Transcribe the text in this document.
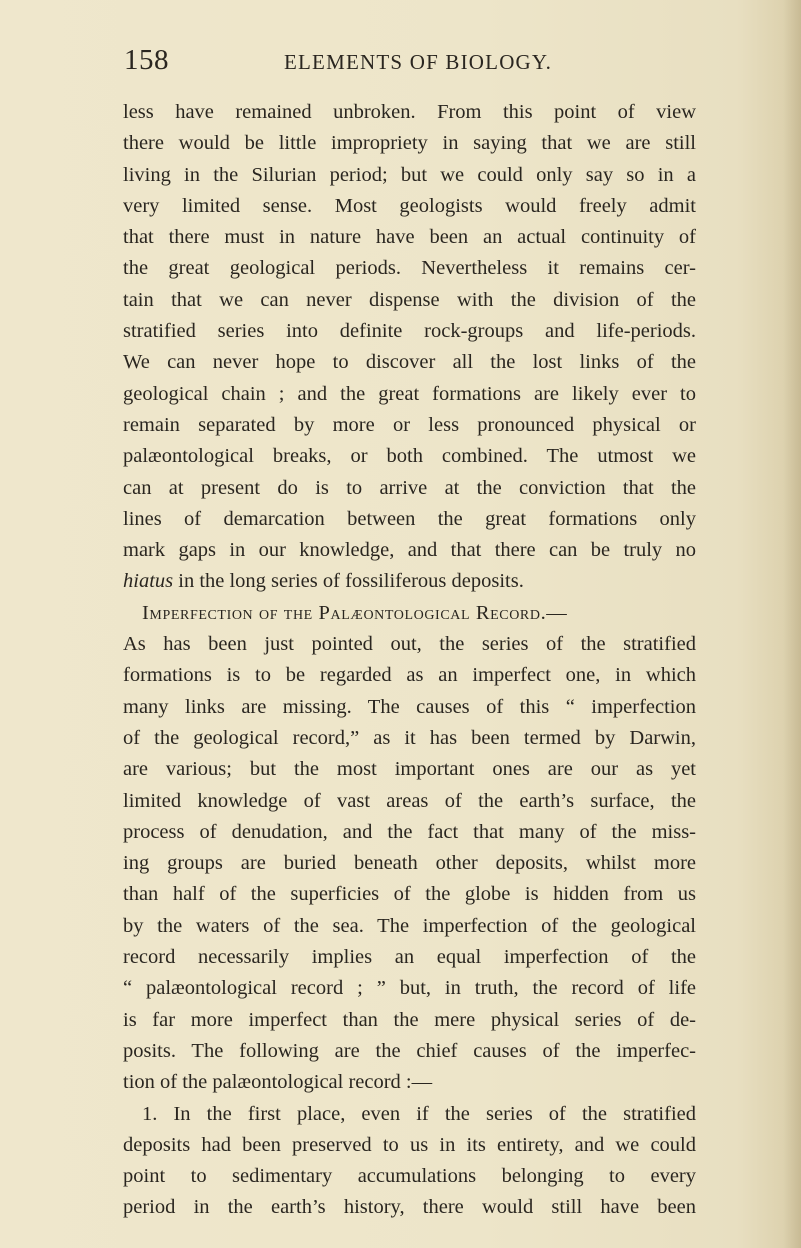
158	ELEMENTS OF BIOLOGY.
less have remained unbroken. From this point of view
there would be little impropriety in saying that we are still
living in the Silurian period; but we could only say so in a
very limited sense. Most geologists would freely admit
that there must in nature have been an actual continuity of
the great geological periods. Nevertheless it remains cer-
tain that we can never dispense with the division of the
stratified series into definite rock-groups and life-periods.
We can never hope to discover all the lost links of the
geological chain ; and the great formations are likely ever to
remain separated by more or less pronounced physical or
palæontological breaks, or both combined. The utmost we
can at present do is to arrive at the conviction that the
lines of demarcation between the great formations only
mark gaps in our knowledge, and that there can be truly no
hiatus in the long series of fossiliferous deposits.
Imperfection of the Palæontological Record.—
As has been just pointed out, the series of the stratified
formations is to be regarded as an imperfect one, in which
many links are missing. The causes of this “ imperfection
of the geological record,” as it has been termed by Darwin,
are various; but the most important ones are our as yet
limited knowledge of vast areas of the earth’s surface, the
process of denudation, and the fact that many of the miss-
ing groups are buried beneath other deposits, whilst more
than half of the superficies of the globe is hidden from us
by the waters of the sea. The imperfection of the geological
record necessarily implies an equal imperfection of the
“ palæontological record ; ” but, in truth, the record of life
is far more imperfect than the mere physical series of de-
posits. The following are the chief causes of the imperfec-
tion of the palæontological record :—
1. In the first place, even if the series of the stratified
deposits had been preserved to us in its entirety, and we could
point to sedimentary accumulations belonging to every
period in the earth’s history, there would still have been
